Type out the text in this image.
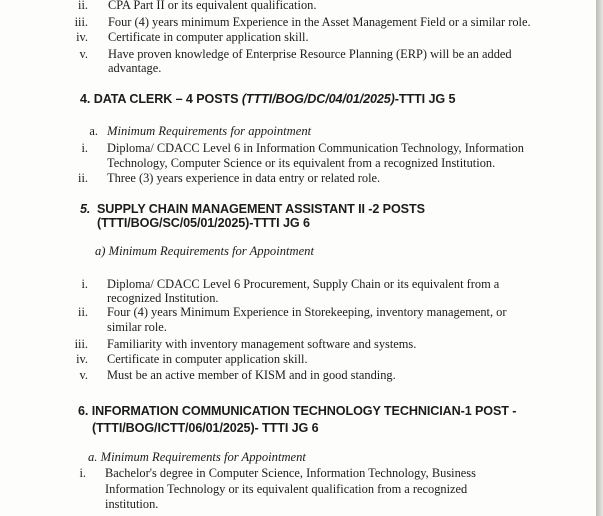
ii. CPA Part II or its equivalent qualification.
iii. Four (4) years minimum Experience in the Asset Management Field or a similar role.
iv. Certificate in computer application skill.
v. Have proven knowledge of Enterprise Resource Planning (ERP) will be an added
advantage.
4. DATA CLERK – 4 POSTS (TTTI/BOG/DC/04/01/2025)-TTTI JG 5
a. Minimum Requirements for appointment
i. Diploma/ CDACC Level 6 in Information Communication Technology, Information
Technology, Computer Science or its equivalent from a recognized Institution.
ii. Three (3) years experience in data entry or related role.
5. SUPPLY CHAIN MANAGEMENT ASSISTANT II -2 POSTS
(TTTI/BOG/SC/05/01/2025)-TTTI JG 6
a) Minimum Requirements for Appointment
i. Diploma/ CDACC Level 6 Procurement, Supply Chain or its equivalent from a
recognized Institution.
ii. Four (4) years Minimum Experience in Storekeeping, inventory management, or
similar role.
iii. Familiarity with inventory management software and systems.
iv. Certificate in computer application skill.
v. Must be an active member of KISM and in good standing.
6. INFORMATION COMMUNICATION TECHNOLOGY TECHNICIAN-1 POST -
(TTTI/BOG/ICTT/06/01/2025)- TTTI JG 6
a. Minimum Requirements for Appointment
i. Bachelor's degree in Computer Science, Information Technology, Business
Information Technology or its equivalent qualification from a recognized
institution.
